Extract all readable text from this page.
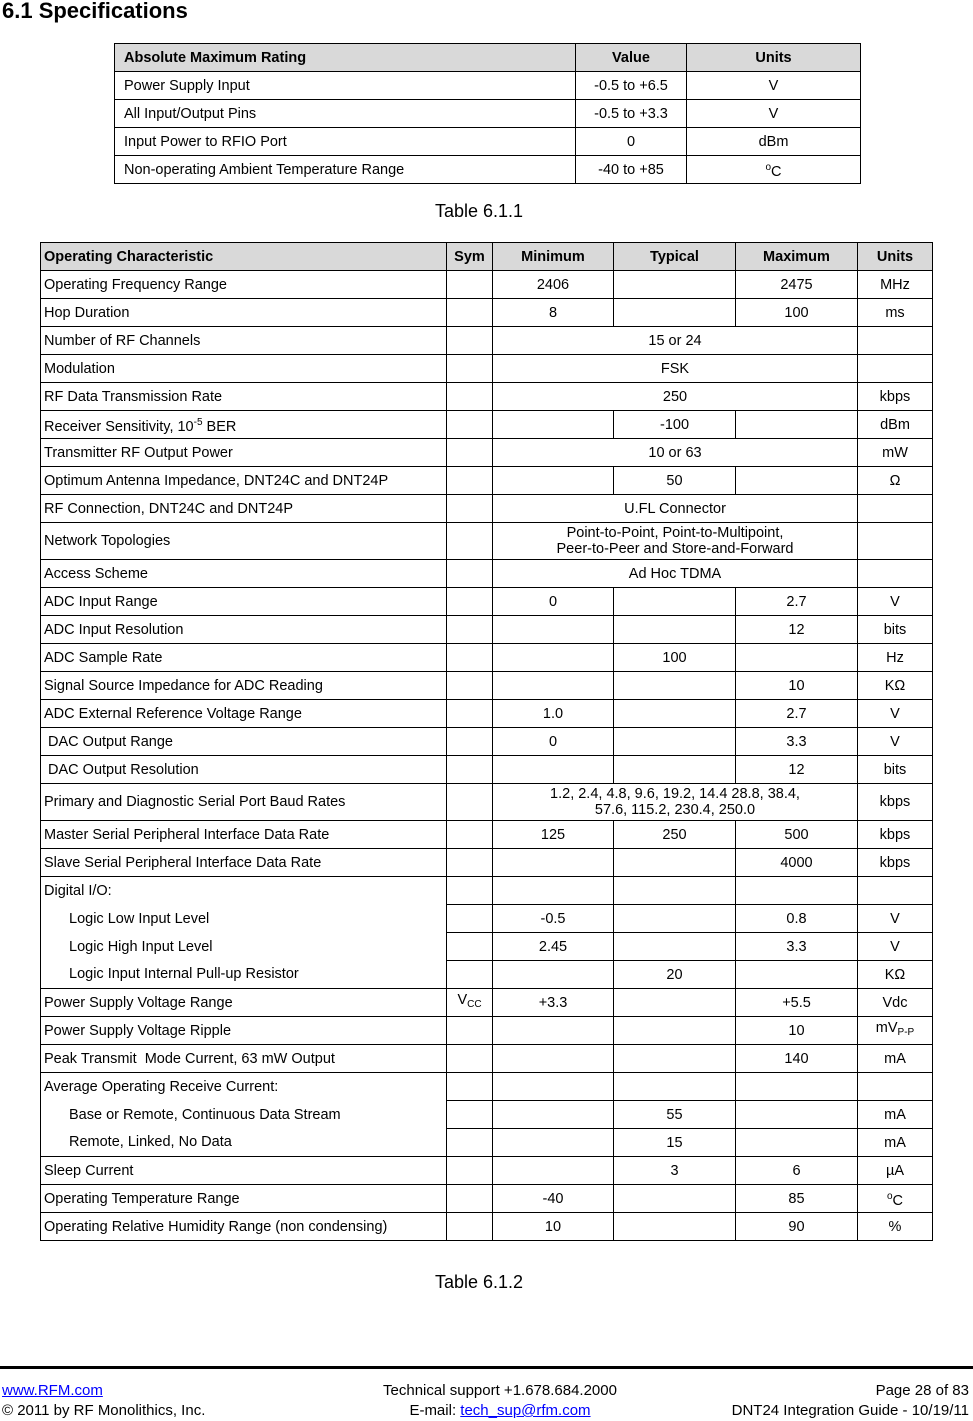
6.1 Specifications
Absolute Maximum Rating	Value	Units
Power Supply Input	-0.5 to +6.5	V
All Input/Output Pins	-0.5 to +3.3	V
Input Power to RFIO Port	0	dBm
Non-operating Ambient Temperature Range	-40 to +85	$^o$C
Table 6.1.1
Operating Characteristic	Sym	Minimum	Typical	Maximum	Units
Operating Frequency Range		2406		2475	MHz
Hop Duration		8		100	ms
Number of RF Channels		15 or 24			
Modulation		FSK			
RF Data Transmission Rate		250			kbps
Receiver Sensitivity, $10^{-5}$ BER			-100		dBm
Transmitter RF Output Power		10 or 63			mW
Optimum Antenna Impedance, DNT24C and DNT24P			50		Ω
RF Connection, DNT24C and DNT24P		U.FL Connector			
Network Topologies		Point-to-Point, Point-to-Multipoint,
Peer-to-Peer and Store-and-Forward			

Access Scheme		Ad Hoc TDMA			
ADC Input Range		0		2.7	V
ADC Input Resolution				12	bits
ADC Sample Rate			100		Hz
Signal Source Impedance for ADC Reading				10	KΩ
ADC External Reference Voltage Range		1.0		2.7	V
DAC Output Range		0		3.3	V
DAC Output Resolution				12	bits
Primary and Diagnostic Serial Port Baud Rates		1.2, 2.4, 4.8, 9.6, 19.2, 14.4 28.8, 38.4,
57.6, 115.2, 230.4, 250.0			kbps
Master Serial Peripheral Interface Data Rate		125	250	500	kbps
Slave Serial Peripheral Interface Data Rate				4000	kbps
Digital I/O:					
Logic Low Input Level		-0.5		0.8	V
Logic High Input Level		2.45		3.3	V
Logic Input Internal Pull-up Resistor			20		KΩ
Power Supply Voltage Range	$V_{CC}$	+3.3		+5.5	Vdc
Power Supply Voltage Ripple				10	$mV_{P-P}$
Peak Transmit  Mode Current, 63 mW Output				140	mA
Average Operating Receive Current:					
Base or Remote, Continuous Data Stream			55		mA
Remote, Linked, No Data			15		mA
Sleep Current			3	6	µA
Operating Temperature Range		-40		85	$^o$C
Operating Relative Humidity Range (non condensing)		10		90	%
Table 6.1.2
www.RFM.com
© 2011 by RF Monolithics, Inc.
Technical support +1.678.684.2000
E-mail: tech_sup@rfm.com
Page 28 of 83
DNT24 Integration Guide - 10/19/11
